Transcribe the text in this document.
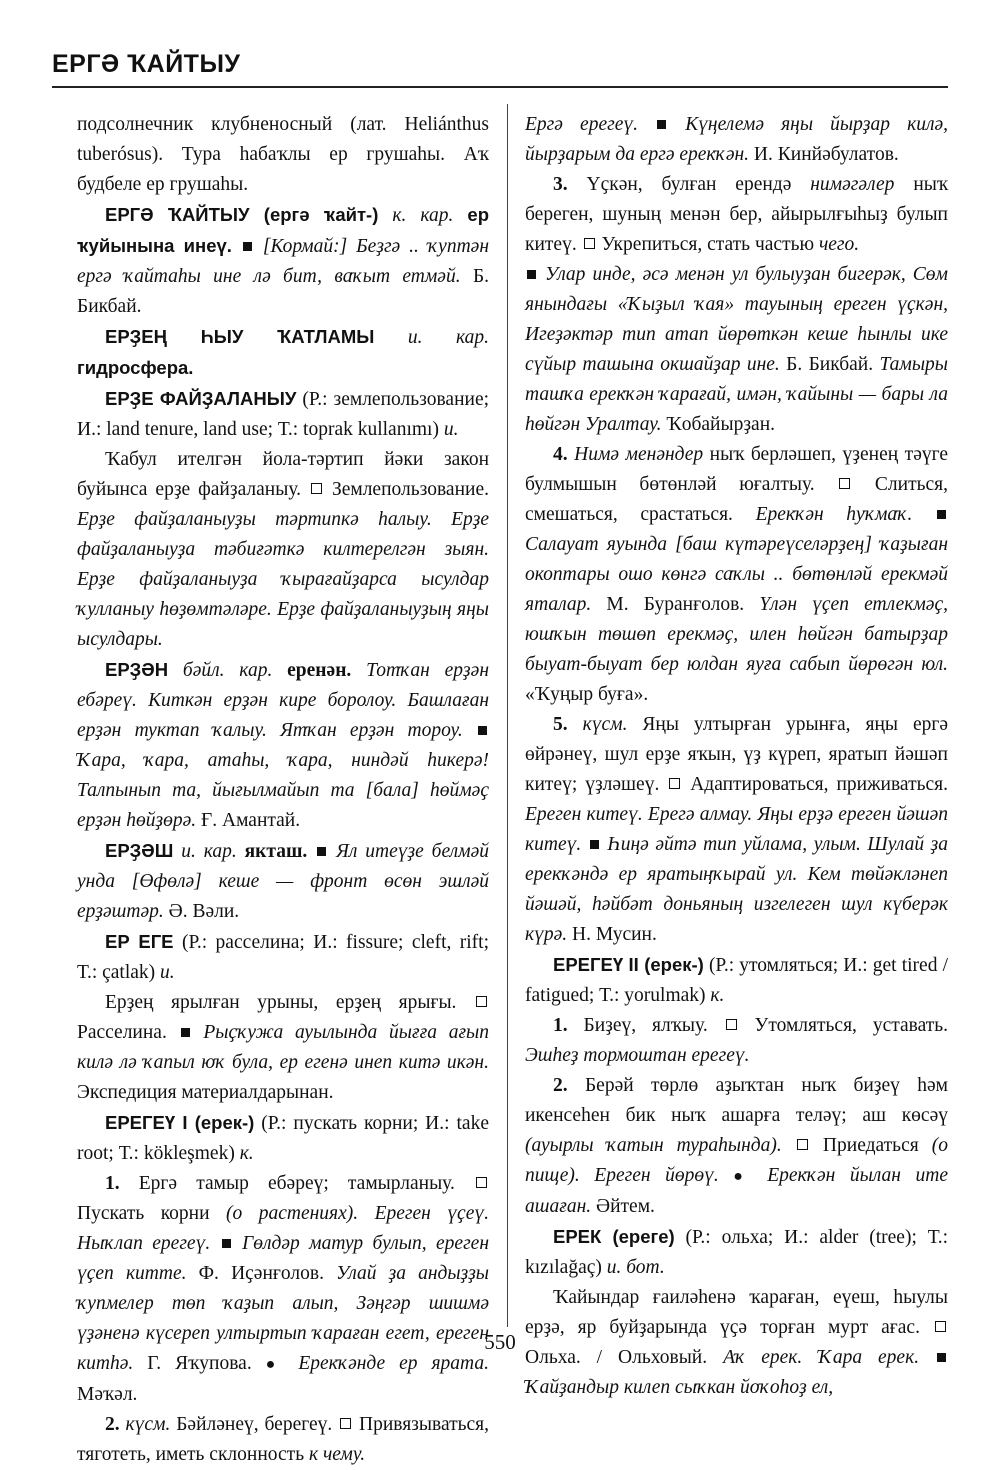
ЕРГӘ ҠАЙТЫУ

подсолнечник клубненосный (лат. Heliánthus tuberósus). Тура һабаҡлы ер грушаһы. Аҡ будбеле ер грушаһы.

ЕРГӘ ҠАЙТЫУ (ергә ҡайт-) к. кар. ер ҡуйынына инеү. [Кормай:] Беҙгә .. ҡуптән ергә ҡайтаһы ине лә бит, ваҡыт етмәй. Б. Бикбай.

ЕРҘЕҢ ҺЫУ ҠАТЛАМЫ и. кар. гидросфера.

ЕРҘЕ ФАЙҘАЛАНЫУ (Р.: землепользование; И.: land tenure, land use; Т.: toprak kullanımı) и.

Ҡабул ителгән йола-тәртип йәки закон буйынса ерҙе файҙаланыу. Землепользование. Ерҙе файҙаланыуҙы тәртипкә һалыу. Ерҙе файҙаланыуҙа тәбиғәткә килтерелгән зыян. Ерҙе файҙаланыуҙа ҡырағайҙарса ысулдар ҡулланыу һөҙөмтәләре. Ерҙе файҙаланыуҙың яңы ысулдары.

ЕРҘӘН бәйл. кар. еренән. Тотҡан ерҙән ебәреү. Киткән ерҙән кире боролоу. Башлаған ерҙән туктап ҡалыу. Ятҡан ерҙән тороу.  Ҡара, ҡара, атаһы, ҡара, ниндәй һикерә! Талпынып та, йығылмайып та [бала] һөймәҫ ерҙән һөйҙөрә. Ғ. Амантай.

ЕРҘӘШ и. кар. якташ. Ял итеүҙе белмәй унда [Өфөлә] кеше — фронт өсөн эшләй ерҙәштәр. Ә. Вәли.

ЕР ЕГЕ (Р.: расселина; И.: fissure; cleft, rift; Т.: çatlak) и.

Ерҙең ярылған урыны, ерҙең ярығы.  Расселина. Рыҫҡужа ауылында йығға ағып килә лә ҡапыл юҡ була, ер егенә инеп китә икән. Экспедиция материалдарынан.

ЕРЕГЕҮ I (ерек-) (Р.: пускать корни; И.: take root; Т.: kökleşmek) к.

1. Ергә тамыр ебәреү; тамырланыу.  Пускать корни (о растениях). Ереген үҫеү. Ныҡлап ерегеү. Гөлдәр матур булып, ереген үҫеп китте. Ф. Иҫәнғолов. Улай ҙа андыҙҙы ҡупмелер төп ҡаҙып алып, Зәңгәр шишмә үҙәненә күсереп ултыртып ҡараған егет, ереген китһә. Г. Яҡупова. ● Ерекҡәнде ер ярата. Мәҡәл.

2. күсм. Бәйләнеү, берегеү. Привязываться, тяготеть, иметь склонность к чему.

Ергә ерегеү. Күңелемә яңы йырҙар килә, йырҙарым да ергә ерекҡән. И. Кинйәбулатов.

3. Үҫкән, булған ерендә нимәгәлер ныҡ береген, шуның менән бер, айырылғыһыҙ булып китеү. Укрепиться, стать частью чего.

Улар инде, әсә менән ул булыуҙан бигерәк, Сөм янындағы «Ҡыҙыл ҡая» тауының ереген үҫкән, Игеҙәктәр тип атап йөрөткән кеше һынлы ике сүйыр ташына окшайҙар ине. Б. Бикбай. Тамыры ташҡа ерекҡән ҡарағай, имән, ҡайыны — бары ла һөйгән Уралтау. Ҡобайырҙан.

4. Нимә менәндер ныҡ берләшеп, үҙенең тәүге булмышын бөтөнләй юғалтыу.	Слиться, смешаться, срастаться. Ерекҡән һуҡмаҡ.  Салауат яуында [баш күтәреүселәрҙең] ҡаҙыған окоптары ошо көнгә саҡлы .. бөтөнләй ерекмәй яталар. М. Буранғолов. Үлән үҫеп етлекмәҫ, юшҡын төшөп ерекмәҫ, илен һөйгән батырҙар быуат-быуат бер юлдан яуға сабып йөрөгән юл. «Ҡуңыр буға».

5. күсм. Яңы ултырған урынға, яңы ергә өйрәнеү, шул ерҙе яҡын, үҙ күреп, яратып йәшәп китеү; үҙләшеү. Адаптироваться, приживаться. Ереген китеү. Ерегә алмау. Яңы ерҙә ереген йәшәп китеү. Һиңә әйтә тип уйлама, улым. Шулай ҙа ерекҡәндә ер яратыңҡырай ул. Кем төйәкләнеп йәшәй, һәйбәт доньяның изгелеген шул күберәк күрә. Н. Мусин.

ЕРЕГЕҮ II (ерек-) (Р.: утомляться; И.: get tired / fatigued; Т.: yorulmak) к.

1. Биҙеү, ялҡыу. Утомляться, уставать. Эшһеҙ тормоштан ерегеү.

2. Берәй төрлө аҙыҡтан ныҡ биҙеү һәм икенсеһен бик ныҡ ашарға теләү; аш көсәү (ауырлы ҡатын тураһында). Приедаться (о пище). Ереген йөрөү. ● Ерекҡән йылан ите ашаған. Әйтем.

ЕРЕК (ереге) (Р.: ольха; И.: alder (tree); Т.: kızılağaç) и. бот.

Ҡайындар ғаиләһенә ҡараған, еүеш, һыулы ерҙә, яр буйҙарында үҫә торған мурт ағас.  Ольха. / Ольховый. Аҡ ерек. Ҡара ерек.  Ҡайҙандыр килеп сыҡкан йоҡоһоҙ ел,

550
